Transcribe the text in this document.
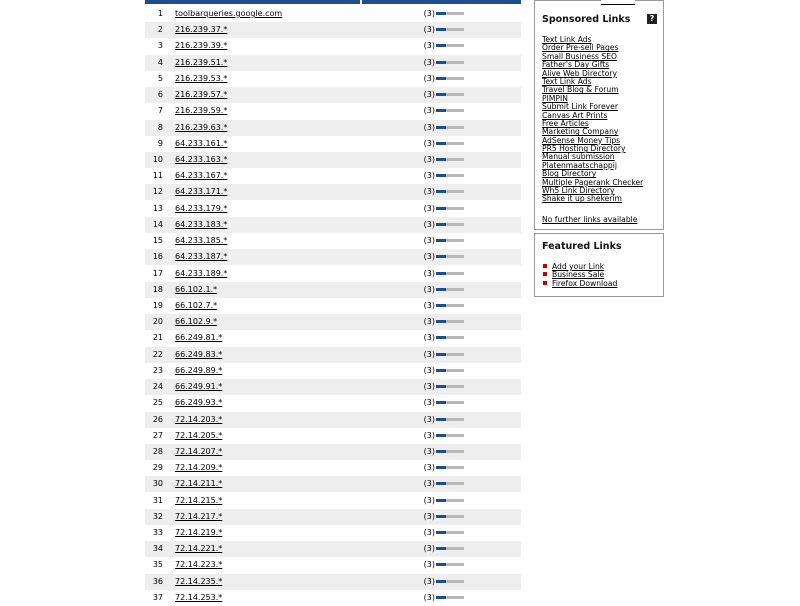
1 toolbarqueries.google.com	(3)
2 216.239.37.*	(3)
3 216.239.39.*	(3)
4 216.239.51.*	(3)
5 216.239.53.*	(3)
6 216.239.57.*	(3)
7 216.239.59.*	(3)
8 216.239.63.*	(3)
9 64.233.161.*	(3)
10 64.233.163.*	(3)
11 64.233.167.*	(3)
12 64.233.171.*	(3)
13 64.233.179.*	(3)
14 64.233.183.*	(3)
15 64.233.185.*	(3)
16 64.233.187.*	(3)
17 64.233.189.*	(3)
18 66.102.1.*	(3)
19 66.102.7.*	(3)
20 66.102.9.*	(3)
21 66.249.81.*	(3)
22 66.249.83.*	(3)
23 66.249.89.*	(3)
24 66.249.91.*	(3)
25 66.249.93.*	(3)
26 72.14.203.*	(3)
27 72.14.205.*	(3)
28 72.14.207.*	(3)
29 72.14.209.*	(3)
30 72.14.211.*	(3)
31 72.14.215.*	(3)
32 72.14.217.*	(3)
33 72.14.219.*	(3)
34 72.14.221.*	(3)
35 72.14.223.*	(3)
36 72.14.235.*	(3)
37 72.14.253.*	(3)
Sponsored Links	?
Text Link Ads
Order Pre-sell Pages
Small Business SEO
Father's Day Gifts
Alive Web Directory
Text Link Ads
Travel Blog & Forum
PIMPIN
Submit Link Forever
Canvas Art Prints
Free Articles
Marketing Company
AdSense Money Tips
PR5 Hosting Directory
Manual submission
Platenmaatschappij
Blog Directory
Multiple Pagerank Checker
Wh5 Link Directory
Shake it up shekerim
No further links available
Featured Links
Add your Link
Business Sale
Firefox Download
